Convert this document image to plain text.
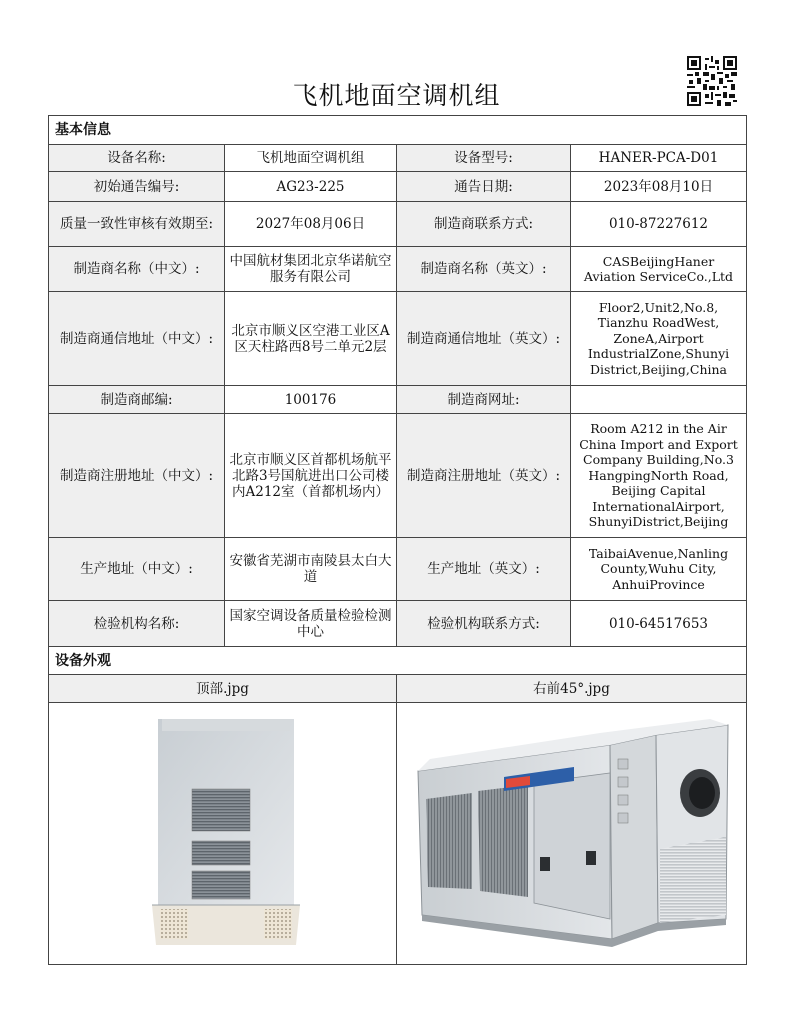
飞机地面空调机组
基本信息			
设备名称:	飞机地面空调机组	设备型号:	HANER-PCA-D01
初始通告编号:	AG23-225	通告日期:	2023年08月10日
质量一致性审核有效期至:	2027年08月06日	制造商联系方式:	010-87227612
制造商名称（中文）:	中国航材集团北京华诺航空服务有限公司	制造商名称（英文）:	CASBeijingHaner Aviation ServiceCo.,Ltd
制造商通信地址（中文）:	北京市顺义区空港工业区A区天柱路西8号二单元2层	制造商通信地址（英文）:	Floor2,Unit2,No.8, Tianzhu RoadWest, ZoneA,Airport IndustrialZone,Shunyi District,Beijing,China
制造商邮编:	100176	制造商网址:	
制造商注册地址（中文）:	北京市顺义区首都机场航平北路3号国航进出口公司楼内A212室（首都机场内）	制造商注册地址（英文）:	Room A212 in the Air China Import and Export Company Building,No.3 HangpingNorth Road, Beijing Capital InternationalAirport, ShunyiDistrict,Beijing
生产地址（中文）:	安徽省芜湖市南陵县太白大道	生产地址（英文）:	TaibaiAvenue,Nanling County,Wuhu City, AnhuiProvince
检验机构名称:	国家空调设备质量检验检测中心	检验机构联系方式:	010-64517653
设备外观			
顶部.jpg		右前45°.jpg	
